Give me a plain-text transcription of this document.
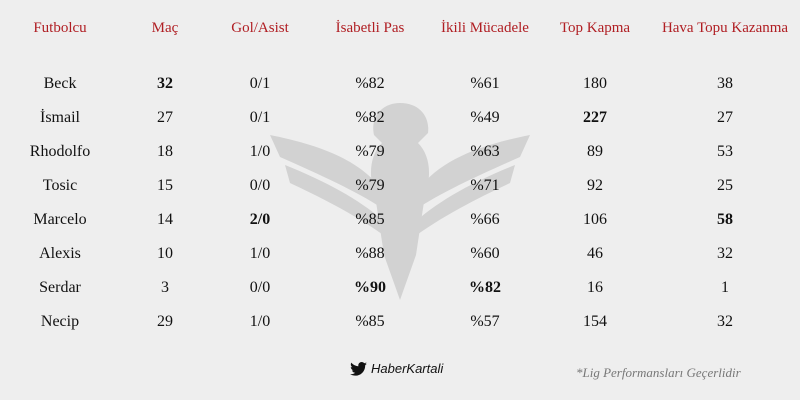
Futbolcu	Maç	Gol/Asist	İsabetli Pas	İkili Mücadele	Top Kapma	Hava Topu Kazanma
Beck	32	0/1	%82	%61	180	38
İsmail	27	0/1	%82	%49	227	27
Rhodolfo	18	1/0	%79	%63	89	53
Tosic	15	0/0	%79	%71	92	25
Marcelo	14	2/0	%85	%66	106	58
Alexis	10	1/0	%88	%60	46	32
Serdar	3	0/0	%90	%82	16	1
Necip	29	1/0	%85	%57	154	32
HaberKartali	*Lig Performansları Geçerlidir
